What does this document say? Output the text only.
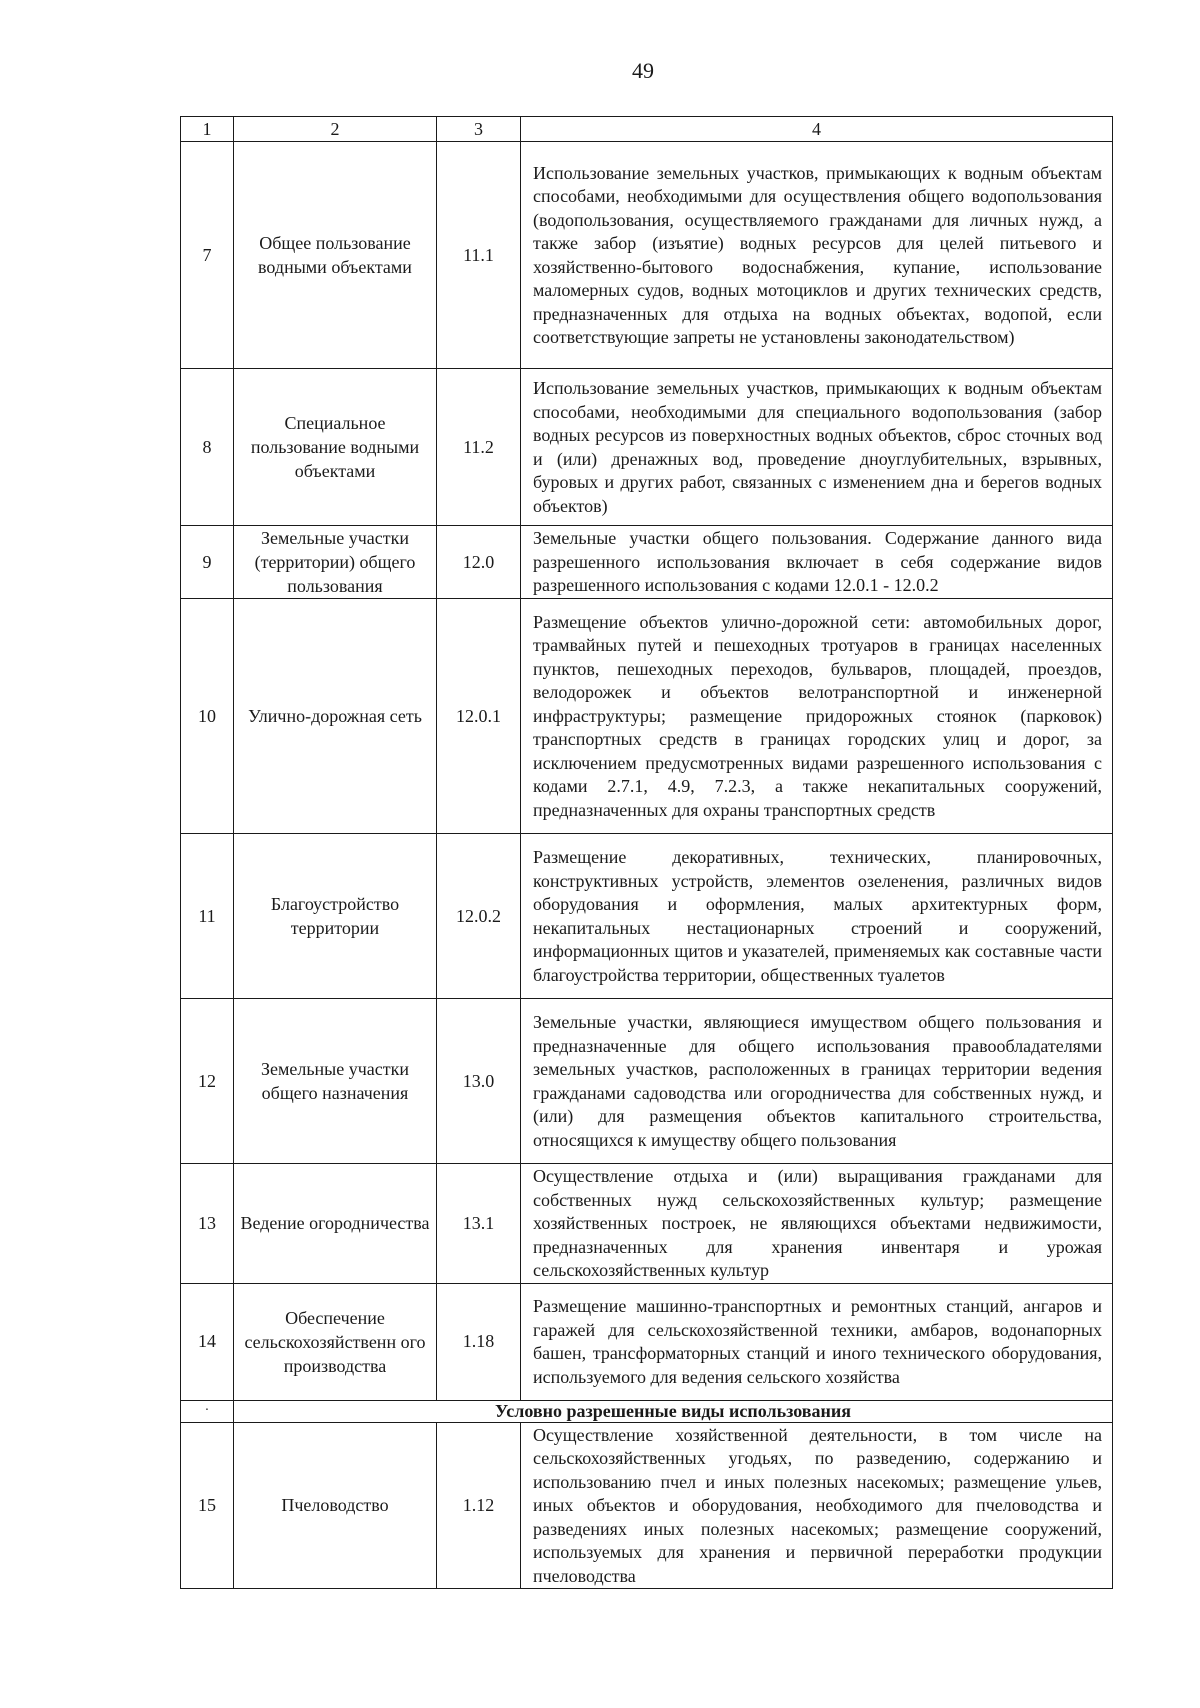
49
1	2	3	4
7	Общее пользование водными объектами	11.1	Использование земельных участков, примыкающих к водным объектам способами, необходимыми для осуществления общего водопользования (водопользования, осуществляемого гражданами для личных нужд, а также забор (изъятие) водных ресурсов для целей питьевого и хозяйственно-бытового водоснабжения, купание, использование маломерных судов, водных мотоциклов и других технических средств, предназначенных для отдыха на водных объектах, водопой, если соответствующие запреты не установлены законодательством)
8	Специальное пользование водными объектами	11.2	Использование земельных участков, примыкающих к водным объектам способами, необходимыми для специального водопользования (забор водных ресурсов из поверхностных водных объектов, сброс сточных вод и (или) дренажных вод, проведение дноуглубительных, взрывных, буровых и других работ, связанных с изменением дна и берегов водных объектов)
9	Земельные участки (территории) общего пользования	12.0	Земельные участки общего пользования. Содержание данного вида разрешенного использования включает в себя содержание видов разрешенного использования с кодами 12.0.1 - 12.0.2
10	Улично-дорожная сеть	12.0.1	Размещение объектов улично-дорожной сети: автомобильных дорог, трамвайных путей и пешеходных тротуаров в границах населенных пунктов, пешеходных переходов, бульваров, площадей, проездов, велодорожек и объектов велотранспортной и инженерной инфраструктуры; размещение придорожных стоянок (парковок) транспортных средств в границах городских улиц и дорог, за исключением предусмотренных видами разрешенного использования с кодами 2.7.1, 4.9, 7.2.3, а также некапитальных сооружений, предназначенных для охраны транспортных средств
11	Благоустройство территории	12.0.2	Размещение декоративных, технических, планировочных, конструктивных устройств, элементов озеленения, различных видов оборудования и оформления, малых архитектурных форм, некапитальных нестационарных строений и сооружений, информационных щитов и указателей, применяемых как составные части благоустройства территории, общественных туалетов
12	Земельные участки общего назначения	13.0	Земельные участки, являющиеся имуществом общего пользования и предназначенные для общего использования правообладателями земельных участков, расположенных в границах территории ведения гражданами садоводства или огородничества для собственных нужд, и (или) для размещения объектов капитального строительства, относящихся к имуществу общего пользования
13	Ведение огородничества	13.1	Осуществление отдыха и (или) выращивания гражданами для собственных нужд сельскохозяйственных культур; размещение хозяйственных построек, не являющихся объектами недвижимости, предназначенных для хранения инвентаря и урожая сельскохозяйственных культур
14	Обеспечение сельскохозяйственн ого производства	1.18	Размещение машинно-транспортных и ремонтных станций, ангаров и гаражей для сельскохозяйственной техники, амбаров, водонапорных башен, трансформаторных станций и иного технического оборудования, используемого для ведения сельского хозяйства
·	Условно разрешенные виды использования		
15	Пчеловодство	1.12	Осуществление хозяйственной деятельности, в том числе на сельскохозяйственных угодьях, по разведению, содержанию и использованию пчел и иных полезных насекомых; размещение ульев, иных объектов и оборудования, необходимого для пчеловодства и разведениях иных полезных насекомых; размещение сооружений, используемых для хранения и первичной переработки продукции пчеловодства
